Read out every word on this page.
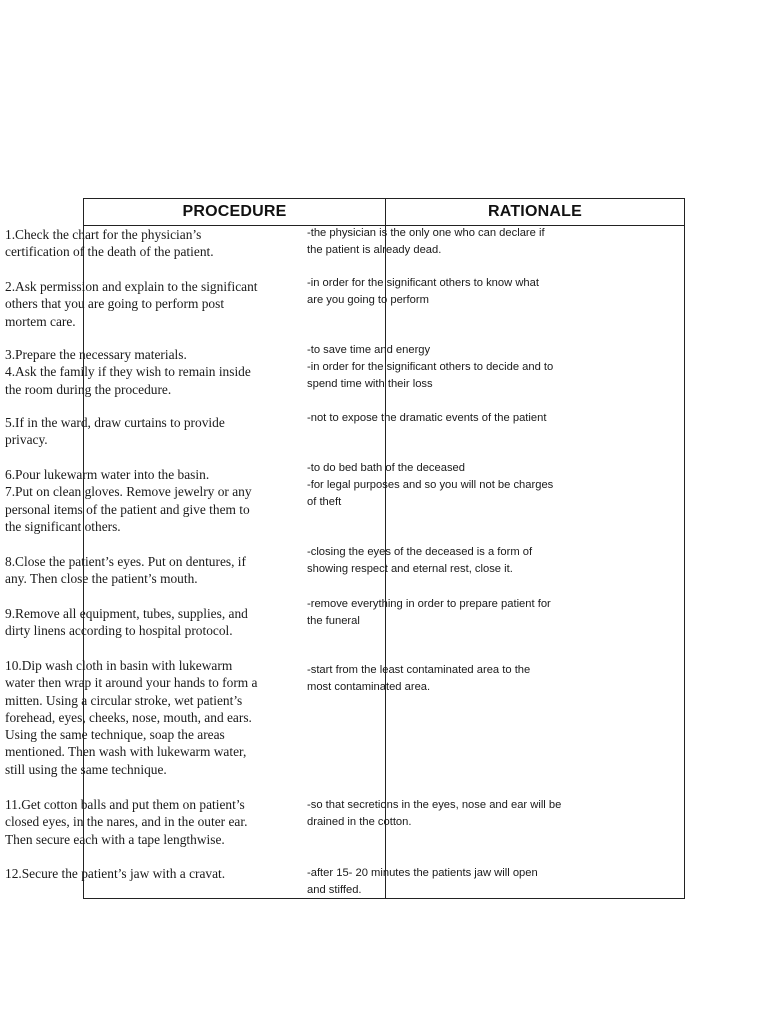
PROCEDURE	RATIONALE
1.Check the chart for the physician’s
certification of the death of the patient.
2.Ask permission and explain to the significant
others that you are going to perform post
mortem care.
3.Prepare the necessary materials.
4.Ask the family if they wish to remain inside
the room during the procedure.
5.If in the ward, draw curtains to provide
privacy.
6.Pour lukewarm water into the basin.
7.Put on clean gloves. Remove jewelry or any
personal items of the patient and give them to
the significant others.
8.Close the patient’s eyes. Put on dentures, if
any. Then close the patient’s mouth.
9.Remove all equipment, tubes, supplies, and
dirty linens according to hospital protocol.
10.Dip wash cloth in basin with lukewarm
water then wrap it around your hands to form a
mitten. Using a circular stroke, wet patient’s
forehead, eyes, cheeks, nose, mouth, and ears.
Using the same technique, soap the areas
mentioned. Then wash with lukewarm water,
still using the same technique.
11.Get cotton balls and put them on patient’s
closed eyes, in the nares, and in the outer ear.
Then secure each with a tape lengthwise.
12.Secure the patient’s jaw with a cravat.
-the physician is the only one who can declare if
the patient is already dead.
-in order for the significant others to know what
are you going to perform
-to save time and energy
-in order for the significant others to decide and to
spend time with their loss
-not to expose the dramatic events of the patient
-to do bed bath of the deceased
-for legal purposes and so you will not be charges
of theft
-closing the eyes of the deceased is a form of
showing respect and eternal rest, close it.
-remove everything in order to prepare patient for
the funeral
-start from the least contaminated area to the
most contaminated area.
-so that secretions in the eyes, nose and ear will be
drained in the cotton.
-after 15- 20 minutes the patients jaw will open
and stiffed.
